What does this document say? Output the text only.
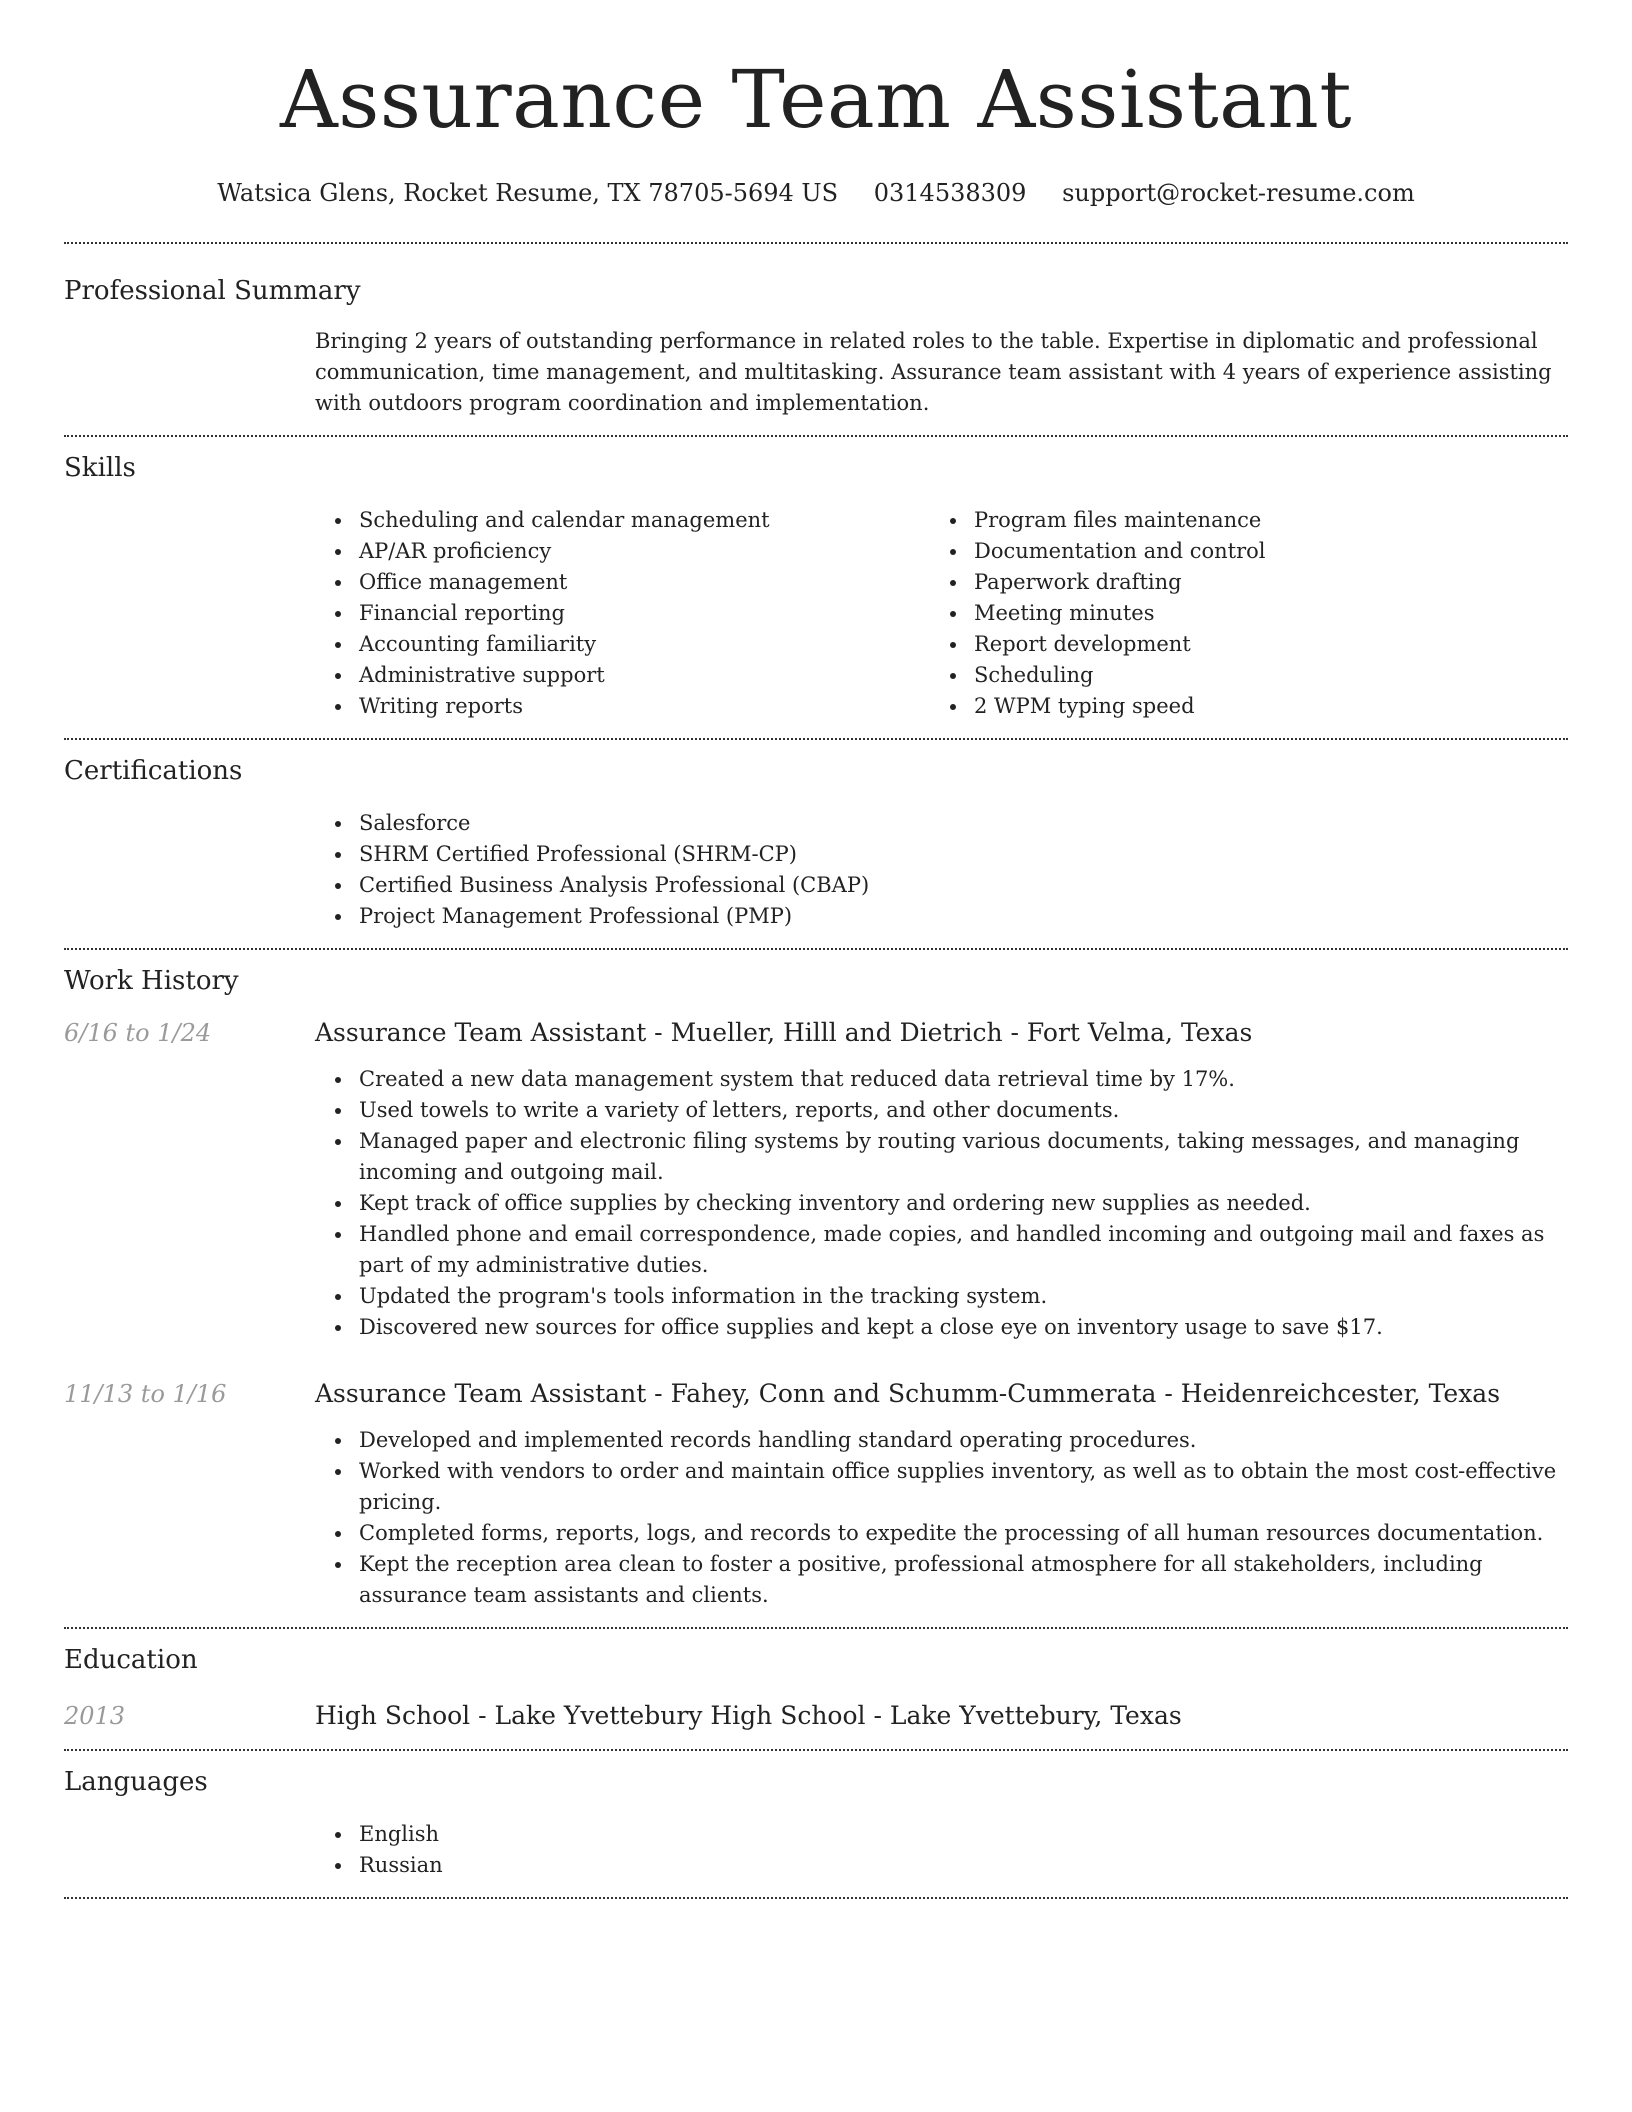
Assurance Team Assistant
Watsica Glens, Rocket Resume, TX 78705-5694 US 0314538309 support@rocket-resume.com
Professional Summary

Bringing 2 years of outstanding performance in related roles to the table. Expertise in diplomatic and professional communication, time management, and multitasking. Assurance team assistant with 4 years of experience assisting with outdoors program coordination and implementation.

Skills
Scheduling and calendar management
AP/AR proficiency
Office management
Financial reporting
Accounting familiarity
Administrative support
Writing reports
Program files maintenance
Documentation and control
Paperwork drafting
Meeting minutes
Report development
Scheduling
2 WPM typing speed
Certifications
Salesforce
SHRM Certified Professional (SHRM-CP)
Certified Business Analysis Professional (CBAP)
Project Management Professional (PMP)
Work History
6/16 to 1/24	Assurance Team Assistant - Mueller, Hilll and Dietrich - Fort Velma, Texas
Created a new data management system that reduced data retrieval time by 17%.
Used towels to write a variety of letters, reports, and other documents.
Managed paper and electronic filing systems by routing various documents, taking messages, and managing incoming and outgoing mail.
Kept track of office supplies by checking inventory and ordering new supplies as needed.
Handled phone and email correspondence, made copies, and handled incoming and outgoing mail and faxes as part of my administrative duties.
Updated the program's tools information in the tracking system.
Discovered new sources for office supplies and kept a close eye on inventory usage to save $17.
11/13 to 1/16	Assurance Team Assistant - Fahey, Conn and Schumm-Cummerata - Heidenreichcester, Texas
Developed and implemented records handling standard operating procedures.
Worked with vendors to order and maintain office supplies inventory, as well as to obtain the most cost-effective pricing.
Completed forms, reports, logs, and records to expedite the processing of all human resources documentation.
Kept the reception area clean to foster a positive, professional atmosphere for all stakeholders, including assurance team assistants and clients.
Education
2013	High School - Lake Yvettebury High School - Lake Yvettebury, Texas
Languages
English
Russian
